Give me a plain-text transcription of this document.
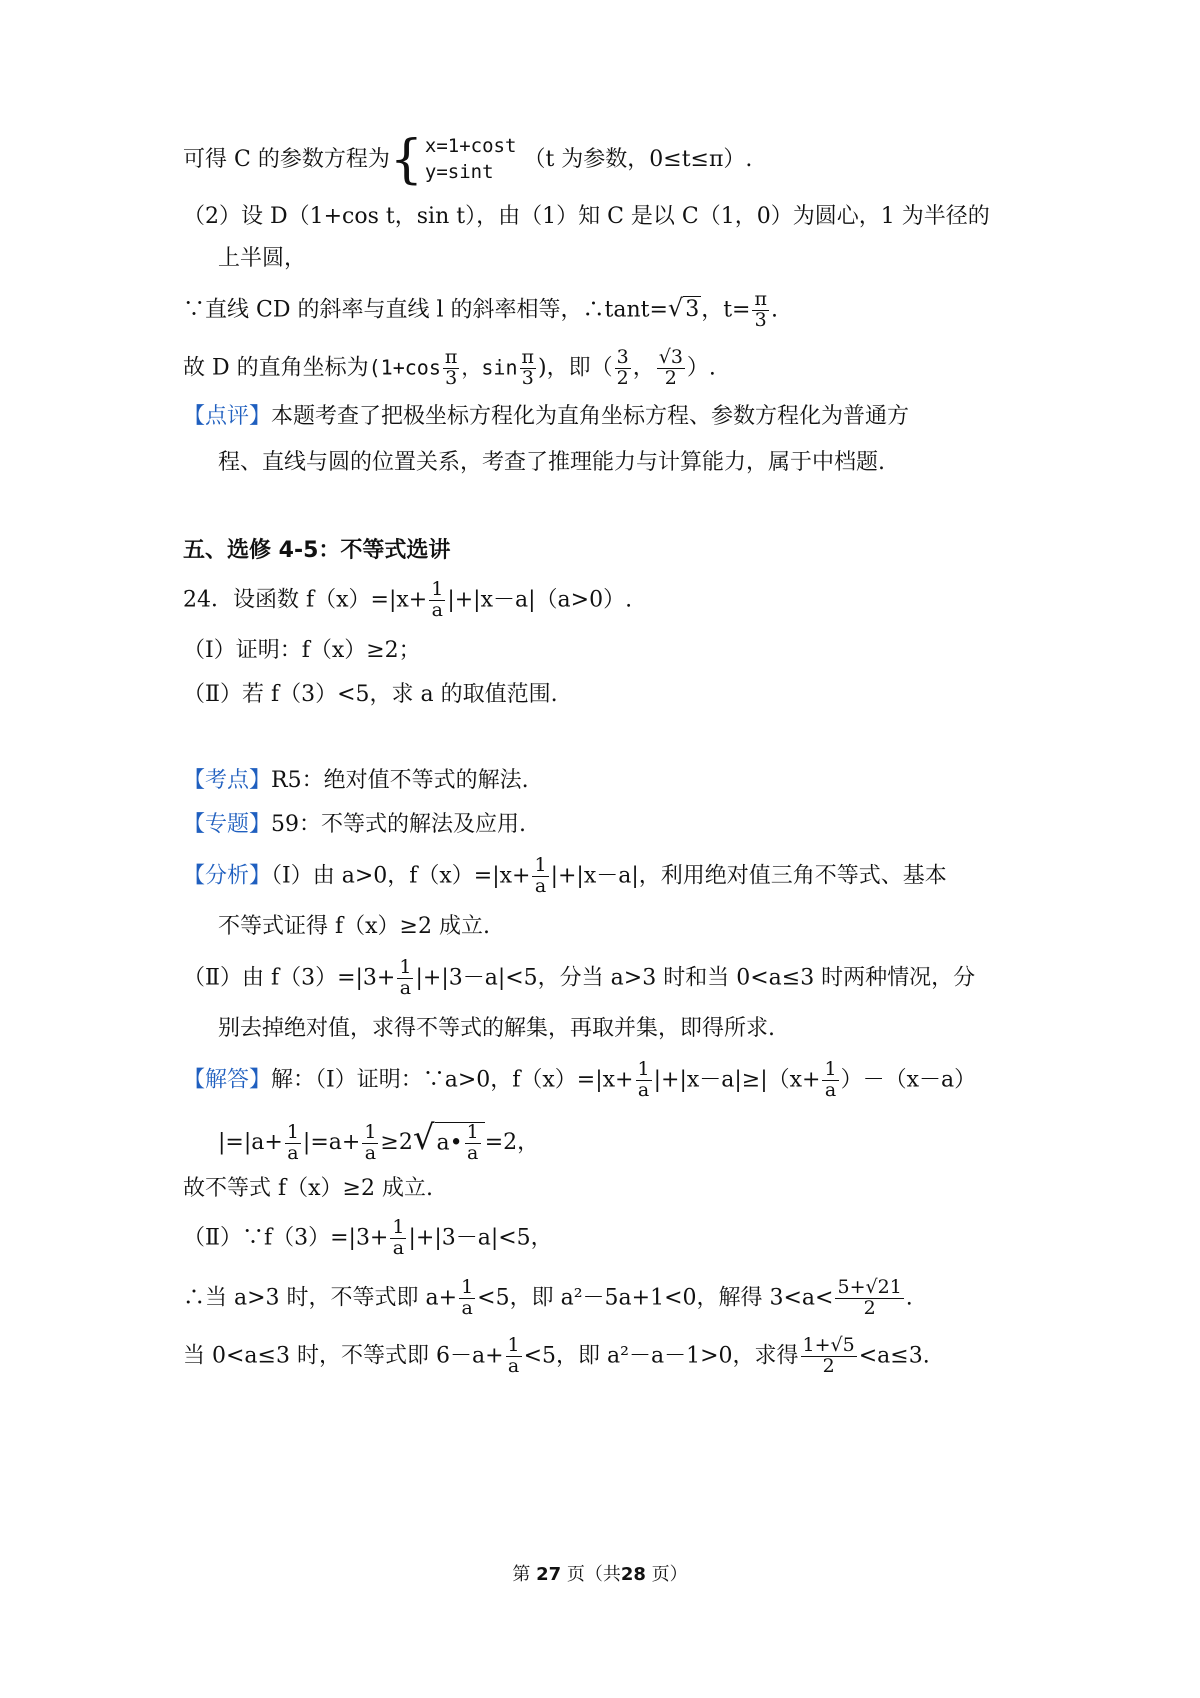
可得 C 的参数方程为{ x=1+cost
y=sint	（t 为参数，0≤t≤π）.
（2）设 D（1+cos t，sin t），由（1）知 C 是以 C（1，0）为圆心，1 为半径的
上半圆，
∵直线 CD 的斜率与直线 l 的斜率相等，∴tant=√3，$t= \frac{\pi}{3}$ .
故 D 的直角坐标为($1+\cos \frac{\pi}{3}$ ，$\sin \frac{\pi}{3}$ )，即（ $\frac{3}{2}$ ， $\frac{√3}{2}$ ）.
【点评】本题考查了把极坐标方程化为直角坐标方程、参数方程化为普通方
程、直线与圆的位置关系，考查了推理能力与计算能力，属于中档题.
五、选修 4-5：不等式选讲
24．设函数 $f(x)=|x+ \frac{1}{a} |+|x-a|(a>0)$.
（Ⅰ）证明：f（x）≥2；
（Ⅱ）若 f（3）<5，求 a 的取值范围.
【考点】R5：绝对值不等式的解法.
【专题】59：不等式的解法及应用.
【分析】（Ⅰ）由 a>0，$f(x)=|x+ \frac{1}{a} |+|x-a|$，利用绝对值三角不等式、基本
不等式证得 f（x）≥2 成立.
（Ⅱ）由 $f(3)=|3+ \frac{1}{a} |+|3-a|<5$，分当 a>3 时和当 0<a≤3 时两种情况，分
别去掉绝对值，求得不等式的解集，再取并集，即得所求.
【解答】解：（Ⅰ）证明：∵a>0，$f(x)=|x+ \frac{1}{a} |+|x-a|\ge|(x+ \frac{1}{a} )-(x-a)$
$|=|a+ \frac{1}{a} |=a+ \frac{1}{a}$ ≥2√a• $\frac{1}{a} =2$，
故不等式 f（x）≥2 成立.
（Ⅱ）∵f（3）=|3+ $\frac{1}{a} |+|3-a|<5$，
∴当 a>3 时，不等式即 $a+ \frac{1}{a} <5$，即 a²－5a+1<0，解得 $3<a< \frac{5+√21}{2}$ .
当 0<a≤3 时，不等式即 $6-a+ \frac{1}{a} <5$，即 a²－a－1>0，求得 $\frac{1+√5}{2} <a\le 3$.
第 27 页（共28 页）
